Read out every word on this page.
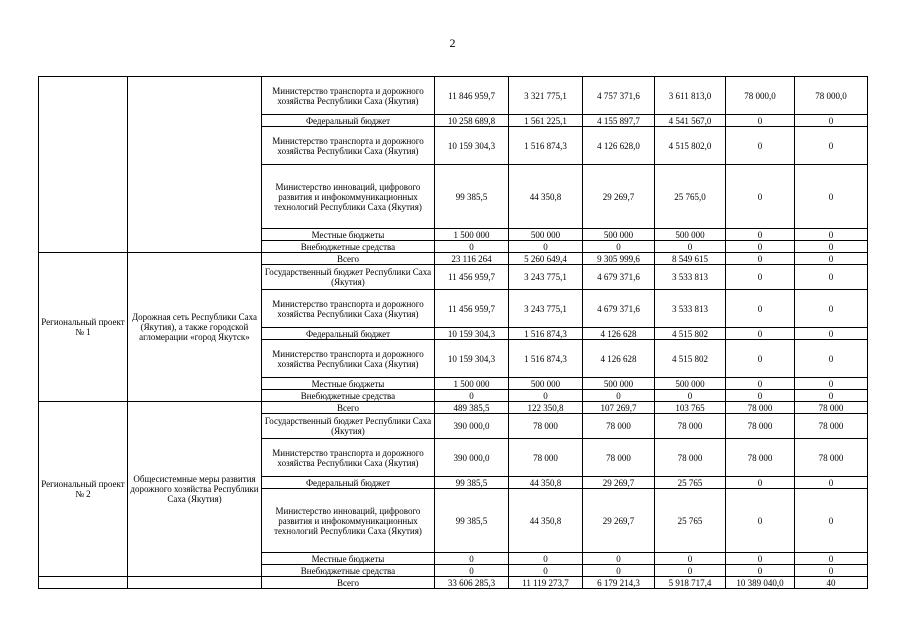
2
		Министерство транспорта и дорожного хозяйства Республики Саха (Якутия)	11 846 959,7	3 321 775,1	4 757 371,6	3 611 813,0	78 000,0	78 000,0
		Федеральный бюджет	10 258 689,8	1 561 225,1	4 155 897,7	4 541 567,0	0	0
		Министерство транспорта и дорожного хозяйства Республики Саха (Якутия)	10 159 304,3	1 516 874,3	4 126 628,0	4 515 802,0	0	0
		Министерство инноваций, цифрового развития и инфокоммуникационных технологий Республики Саха (Якутия)	99 385,5	44 350,8	29 269,7	25 765,0	0	0
		Местные бюджеты	1 500 000	500 000	500 000	500 000	0	0
		Внебюджетные средства	0	0	0	0	0	0
Региональный проект № 1	Дорожная сеть Республики Саха (Якутия), а также городской агломерации «город Якутск»	Всего	23 116 264	5 260 649,4	9 305 999,6	8 549 615	0	0
		Государственный бюджет Республики Саха (Якутия)	11 456 959,7	3 243 775,1	4 679 371,6	3 533 813	0	0
		Министерство транспорта и дорожного хозяйства Республики Саха (Якутия)	11 456 959,7	3 243 775,1	4 679 371,6	3 533 813	0	0
		Федеральный бюджет	10 159 304,3	1 516 874,3	4 126 628	4 515 802	0	0
		Министерство транспорта и дорожного хозяйства Республики Саха (Якутия)	10 159 304,3	1 516 874,3	4 126 628	4 515 802	0	0
		Местные бюджеты	1 500 000	500 000	500 000	500 000	0	0
		Внебюджетные средства	0	0	0	0	0	0
Региональный проект № 2	Общесистемные меры развития дорожного хозяйства Республики Саха (Якутия)	Всего	489 385,5	122 350,8	107 269,7	103 765	78 000	78 000
		Государственный бюджет Республики Саха (Якутия)	390 000,0	78 000	78 000	78 000	78 000	78 000
		Министерство транспорта и дорожного хозяйства Республики Саха (Якутия)	390 000,0	78 000	78 000	78 000	78 000	78 000
		Федеральный бюджет	99 385,5	44 350,8	29 269,7	25 765	0	0
		Министерство инноваций, цифрового развития и инфокоммуникационных технологий Республики Саха (Якутия)	99 385,5	44 350,8	29 269,7	25 765	0	0
		Местные бюджеты	0	0	0	0	0	0
		Внебюджетные средства	0	0	0	0	0	0
		Всего	33 606 285,3	11 119 273,7	6 179 214,3	5 918 717,4	10 389 040,0	40
